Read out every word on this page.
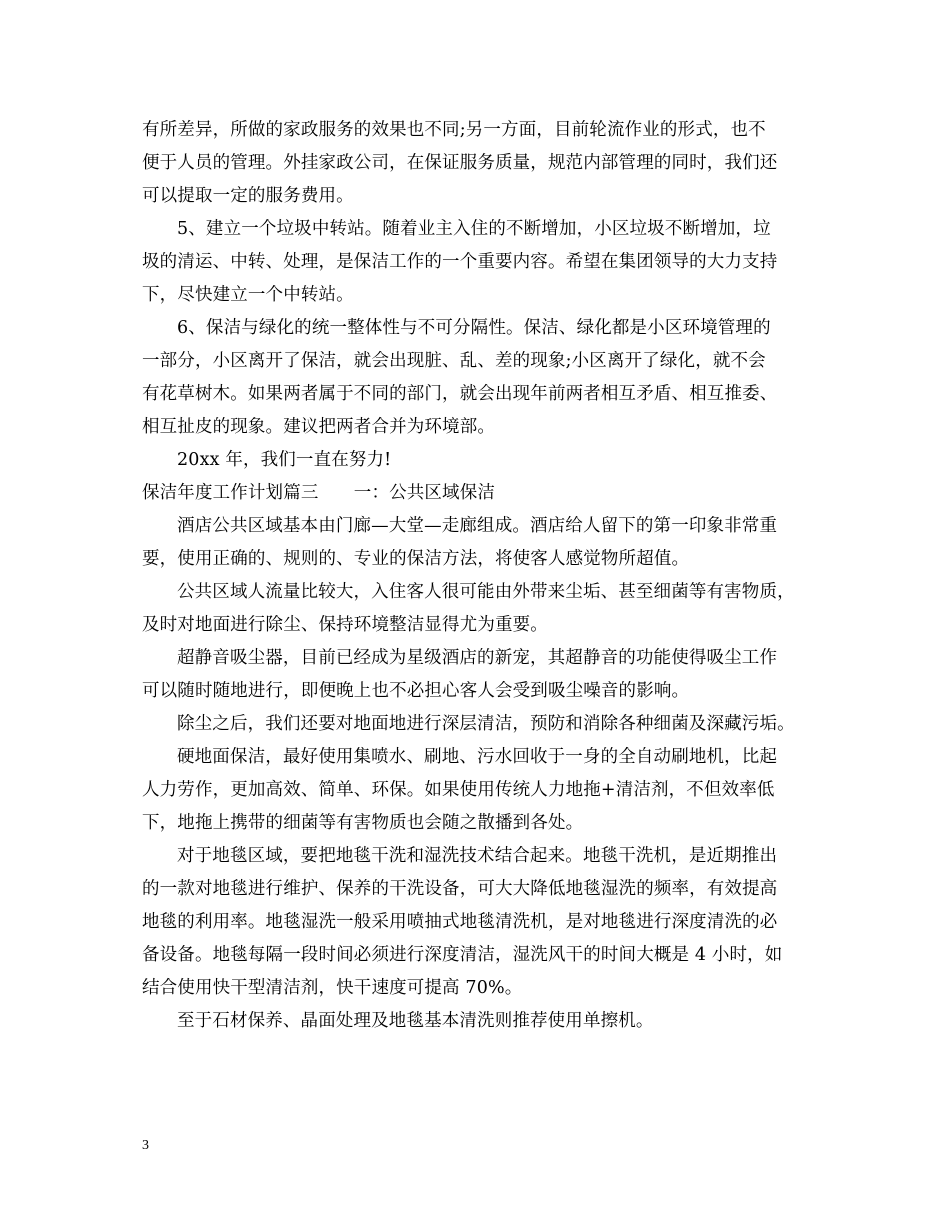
有所差异，所做的家政服务的效果也不同;另一方面，目前轮流作业的形式，也不
便于人员的管理。外挂家政公司，在保证服务质量，规范内部管理的同时，我们还
可以提取一定的服务费用。
5、建立一个垃圾中转站。随着业主入住的不断增加，小区垃圾不断增加，垃
圾的清运、中转、处理，是保洁工作的一个重要内容。希望在集团领导的大力支持
下，尽快建立一个中转站。
6、保洁与绿化的统一整体性与不可分隔性。保洁、绿化都是小区环境管理的
一部分，小区离开了保洁，就会出现脏、乱、差的现象;小区离开了绿化，就不会
有花草树木。如果两者属于不同的部门，就会出现年前两者相互矛盾、相互推委、
相互扯皮的现象。建议把两者合并为环境部。
20xx 年，我们一直在努力!
保洁年度工作计划篇三　　一：公共区域保洁
酒店公共区域基本由门廊—大堂—走廊组成。酒店给人留下的第一印象非常重
要，使用正确的、规则的、专业的保洁方法，将使客人感觉物所超值。
公共区域人流量比较大，入住客人很可能由外带来尘垢、甚至细菌等有害物质，
及时对地面进行除尘、保持环境整洁显得尤为重要。
超静音吸尘器，目前已经成为星级酒店的新宠，其超静音的功能使得吸尘工作
可以随时随地进行，即便晚上也不必担心客人会受到吸尘噪音的影响。
除尘之后，我们还要对地面地进行深层清洁，预防和消除各种细菌及深藏污垢。
硬地面保洁，最好使用集喷水、刷地、污水回收于一身的全自动刷地机，比起
人力劳作，更加高效、简单、环保。如果使用传统人力地拖+清洁剂，不但效率低
下，地拖上携带的细菌等有害物质也会随之散播到各处。
对于地毯区域，要把地毯干洗和湿洗技术结合起来。地毯干洗机，是近期推出
的一款对地毯进行维护、保养的干洗设备，可大大降低地毯湿洗的频率，有效提高
地毯的利用率。地毯湿洗一般采用喷抽式地毯清洗机，是对地毯进行深度清洗的必
备设备。地毯每隔一段时间必须进行深度清洁，湿洗风干的时间大概是 4 小时，如
结合使用快干型清洁剂，快干速度可提高 70%。
至于石材保养、晶面处理及地毯基本清洗则推荐使用单擦机。
3
